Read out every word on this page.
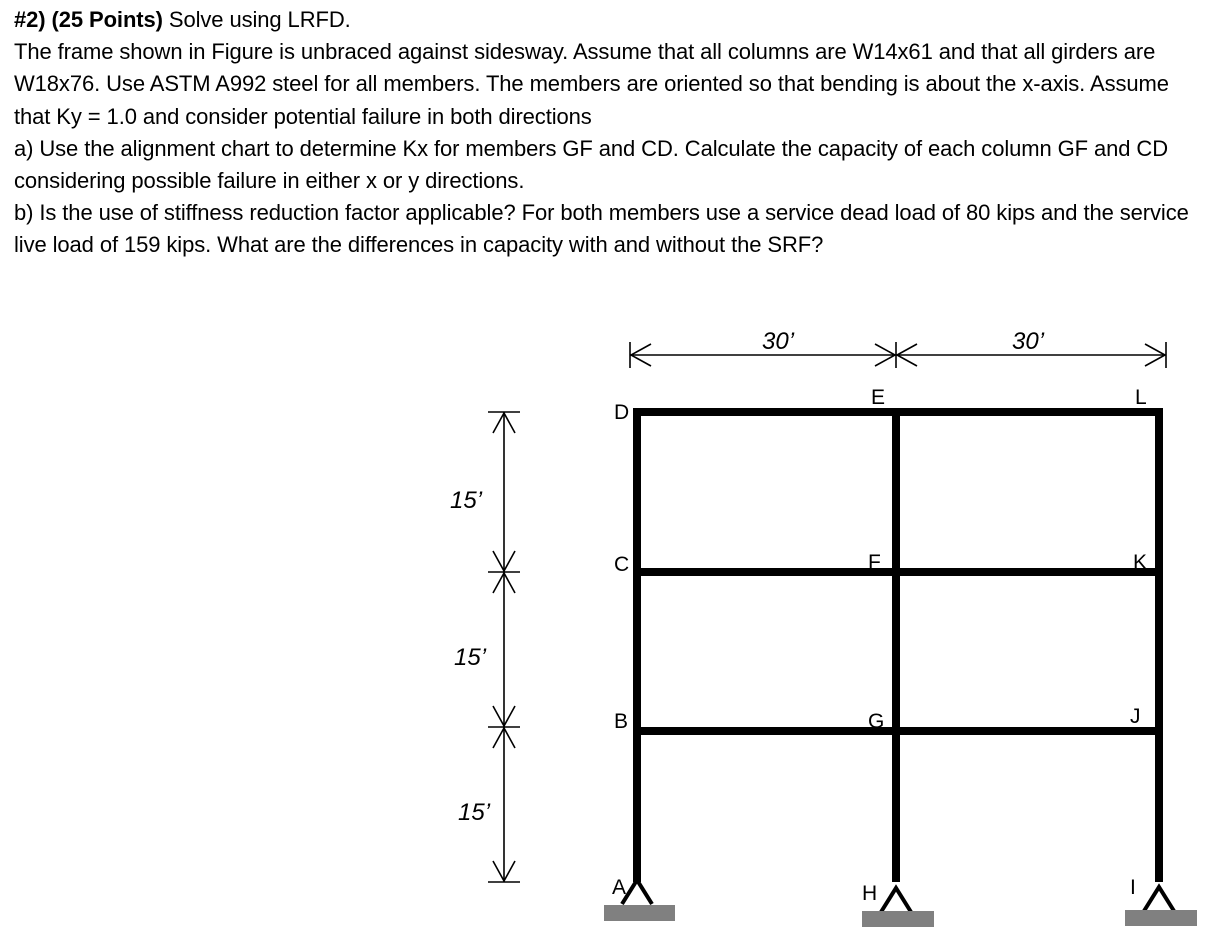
#2) (25 Points) Solve using LRFD.

The frame shown in Figure is unbraced against sidesway. Assume that all columns are W14x61 and that all girders are W18x76. Use ASTM A992 steel for all members. The members are oriented so that bending is about the x-axis. Assume that Ky = 1.0 and consider potential failure in both directions

a) Use the alignment chart to determine Kx for members GF and CD. Calculate the capacity of each column GF and CD considering possible failure in either x or y directions.

b) Is the use of stiffness reduction factor applicable? For both members use a service dead load of 80 kips and the service live load of 159 kips. What are the differences in capacity with and without the SRF?

30’	30’
15’
15’
15’
D
E	L
C	F	K
B	G	J
A	H	I
